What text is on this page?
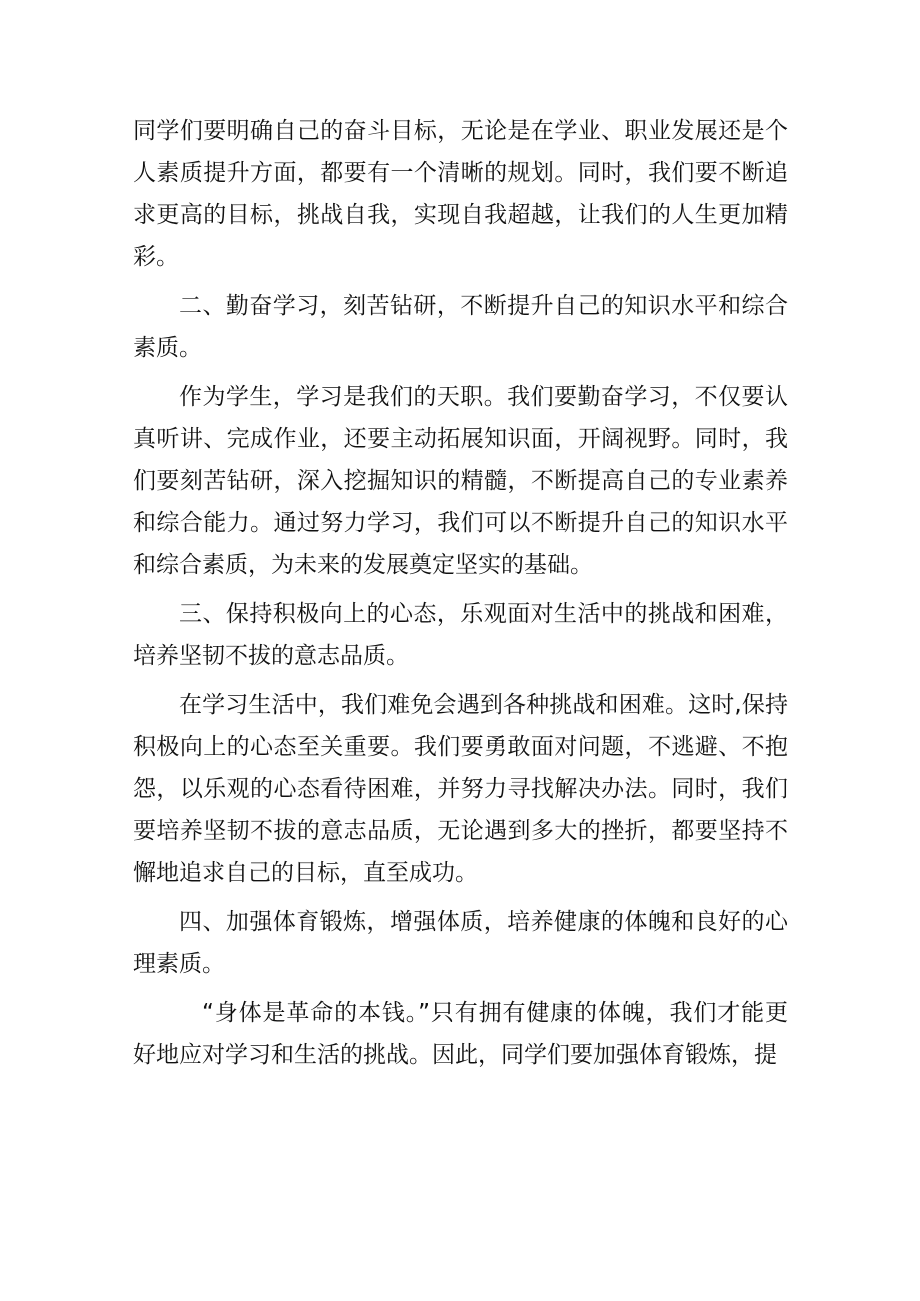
同学们要明确自己的奋斗目标，无论是在学业、职业发展还是个人素质提升方面，都要有一个清晰的规划。同时，我们要不断追求更高的目标，挑战自我，实现自我超越，让我们的人生更加精彩。

二、勤奋学习，刻苦钻研，不断提升自己的知识水平和综合素质。

作为学生，学习是我们的天职。我们要勤奋学习，不仅要认真听讲、完成作业，还要主动拓展知识面，开阔视野。同时，我们要刻苦钻研，深入挖掘知识的精髓，不断提高自己的专业素养和综合能力。通过努力学习，我们可以不断提升自己的知识水平和综合素质，为未来的发展奠定坚实的基础。

三、保持积极向上的心态，乐观面对生活中的挑战和困难，培养坚韧不拔的意志品质。

在学习生活中，我们难免会遇到各种挑战和困难。这时,保持积极向上的心态至关重要。我们要勇敢面对问题，不逃避、不抱怨，以乐观的心态看待困难，并努力寻找解决办法。同时，我们要培养坚韧不拔的意志品质，无论遇到多大的挫折，都要坚持不懈地追求自己的目标，直至成功。

四、加强体育锻炼，增强体质，培养健康的体魄和良好的心理素质。

“身体是革命的本钱。”只有拥有健康的体魄，我们才能更好地应对学习和生活的挑战。因此，同学们要加强体育锻炼，提
